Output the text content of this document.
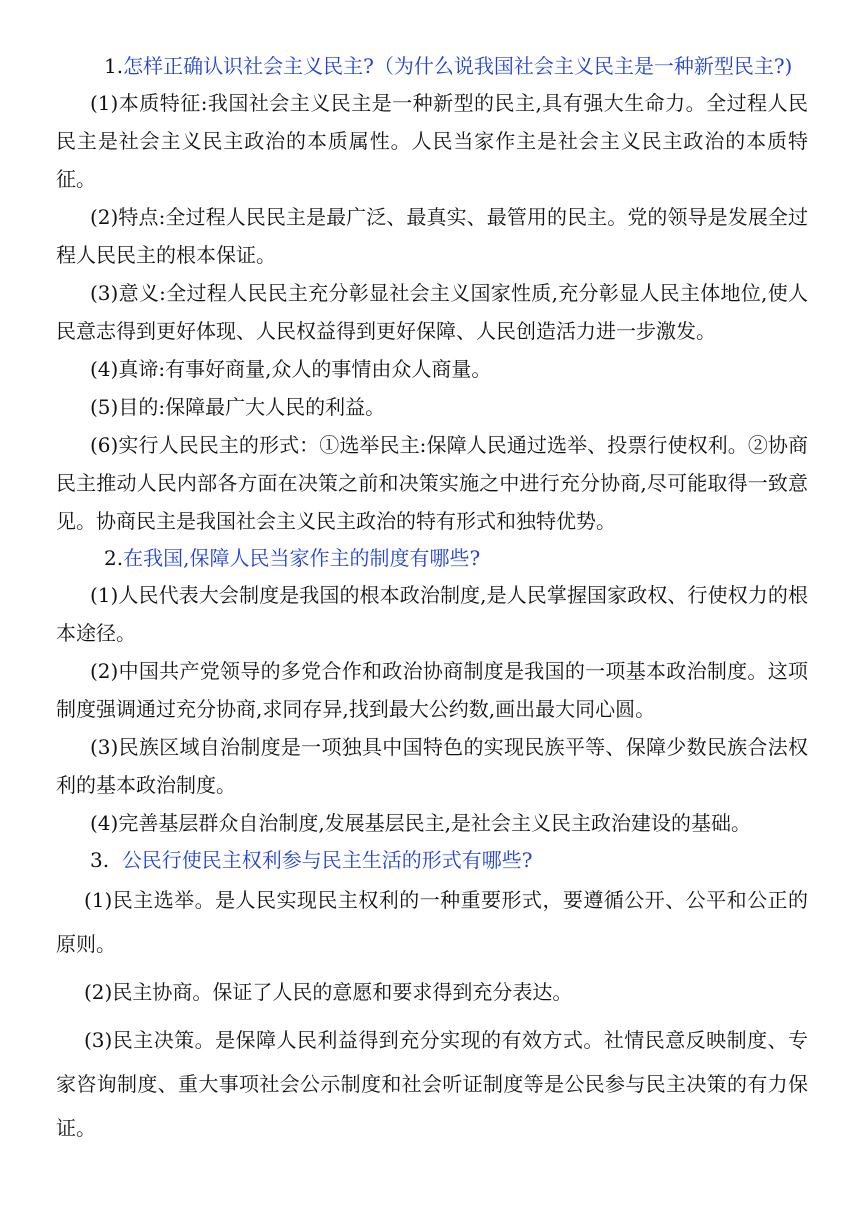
1.怎样正确认识社会主义民主?（为什么说我国社会主义民主是一种新型民主?)

(1)本质特征:我国社会主义民主是一种新型的民主,具有强大生命力。全过程人民民主是社会主义民主政治的本质属性。人民当家作主是社会主义民主政治的本质特征。

(2)特点:全过程人民民主是最广泛、最真实、最管用的民主。党的领导是发展全过程人民民主的根本保证。

(3)意义:全过程人民民主充分彰显社会主义国家性质,充分彰显人民主体地位,使人民意志得到更好体现、人民权益得到更好保障、人民创造活力进一步激发。

(4)真谛:有事好商量,众人的事情由众人商量。

(5)目的:保障最广大人民的利益。

(6)实行人民民主的形式：①选举民主:保障人民通过选举、投票行使权利。②协商民主推动人民内部各方面在决策之前和决策实施之中进行充分协商,尽可能取得一致意见。协商民主是我国社会主义民主政治的特有形式和独特优势。

2.在我国,保障人民当家作主的制度有哪些?

(1)人民代表大会制度是我国的根本政治制度,是人民掌握国家政权、行使权力的根本途径。

(2)中国共产党领导的多党合作和政治协商制度是我国的一项基本政治制度。这项制度强调通过充分协商,求同存异,找到最大公约数,画出最大同心圆。

(3)民族区域自治制度是一项独具中国特色的实现民族平等、保障少数民族合法权利的基本政治制度。

(4)完善基层群众自治制度,发展基层民主,是社会主义民主政治建设的基础。

3. 公民行使民主权利参与民主生活的形式有哪些?

(1)民主选举。是人民实现民主权利的一种重要形式，要遵循公开、公平和公正的原则。

(2)民主协商。保证了人民的意愿和要求得到充分表达。

(3)民主决策。是保障人民利益得到充分实现的有效方式。社情民意反映制度、专家咨询制度、重大事项社会公示制度和社会听证制度等是公民参与民主决策的有力保证。
